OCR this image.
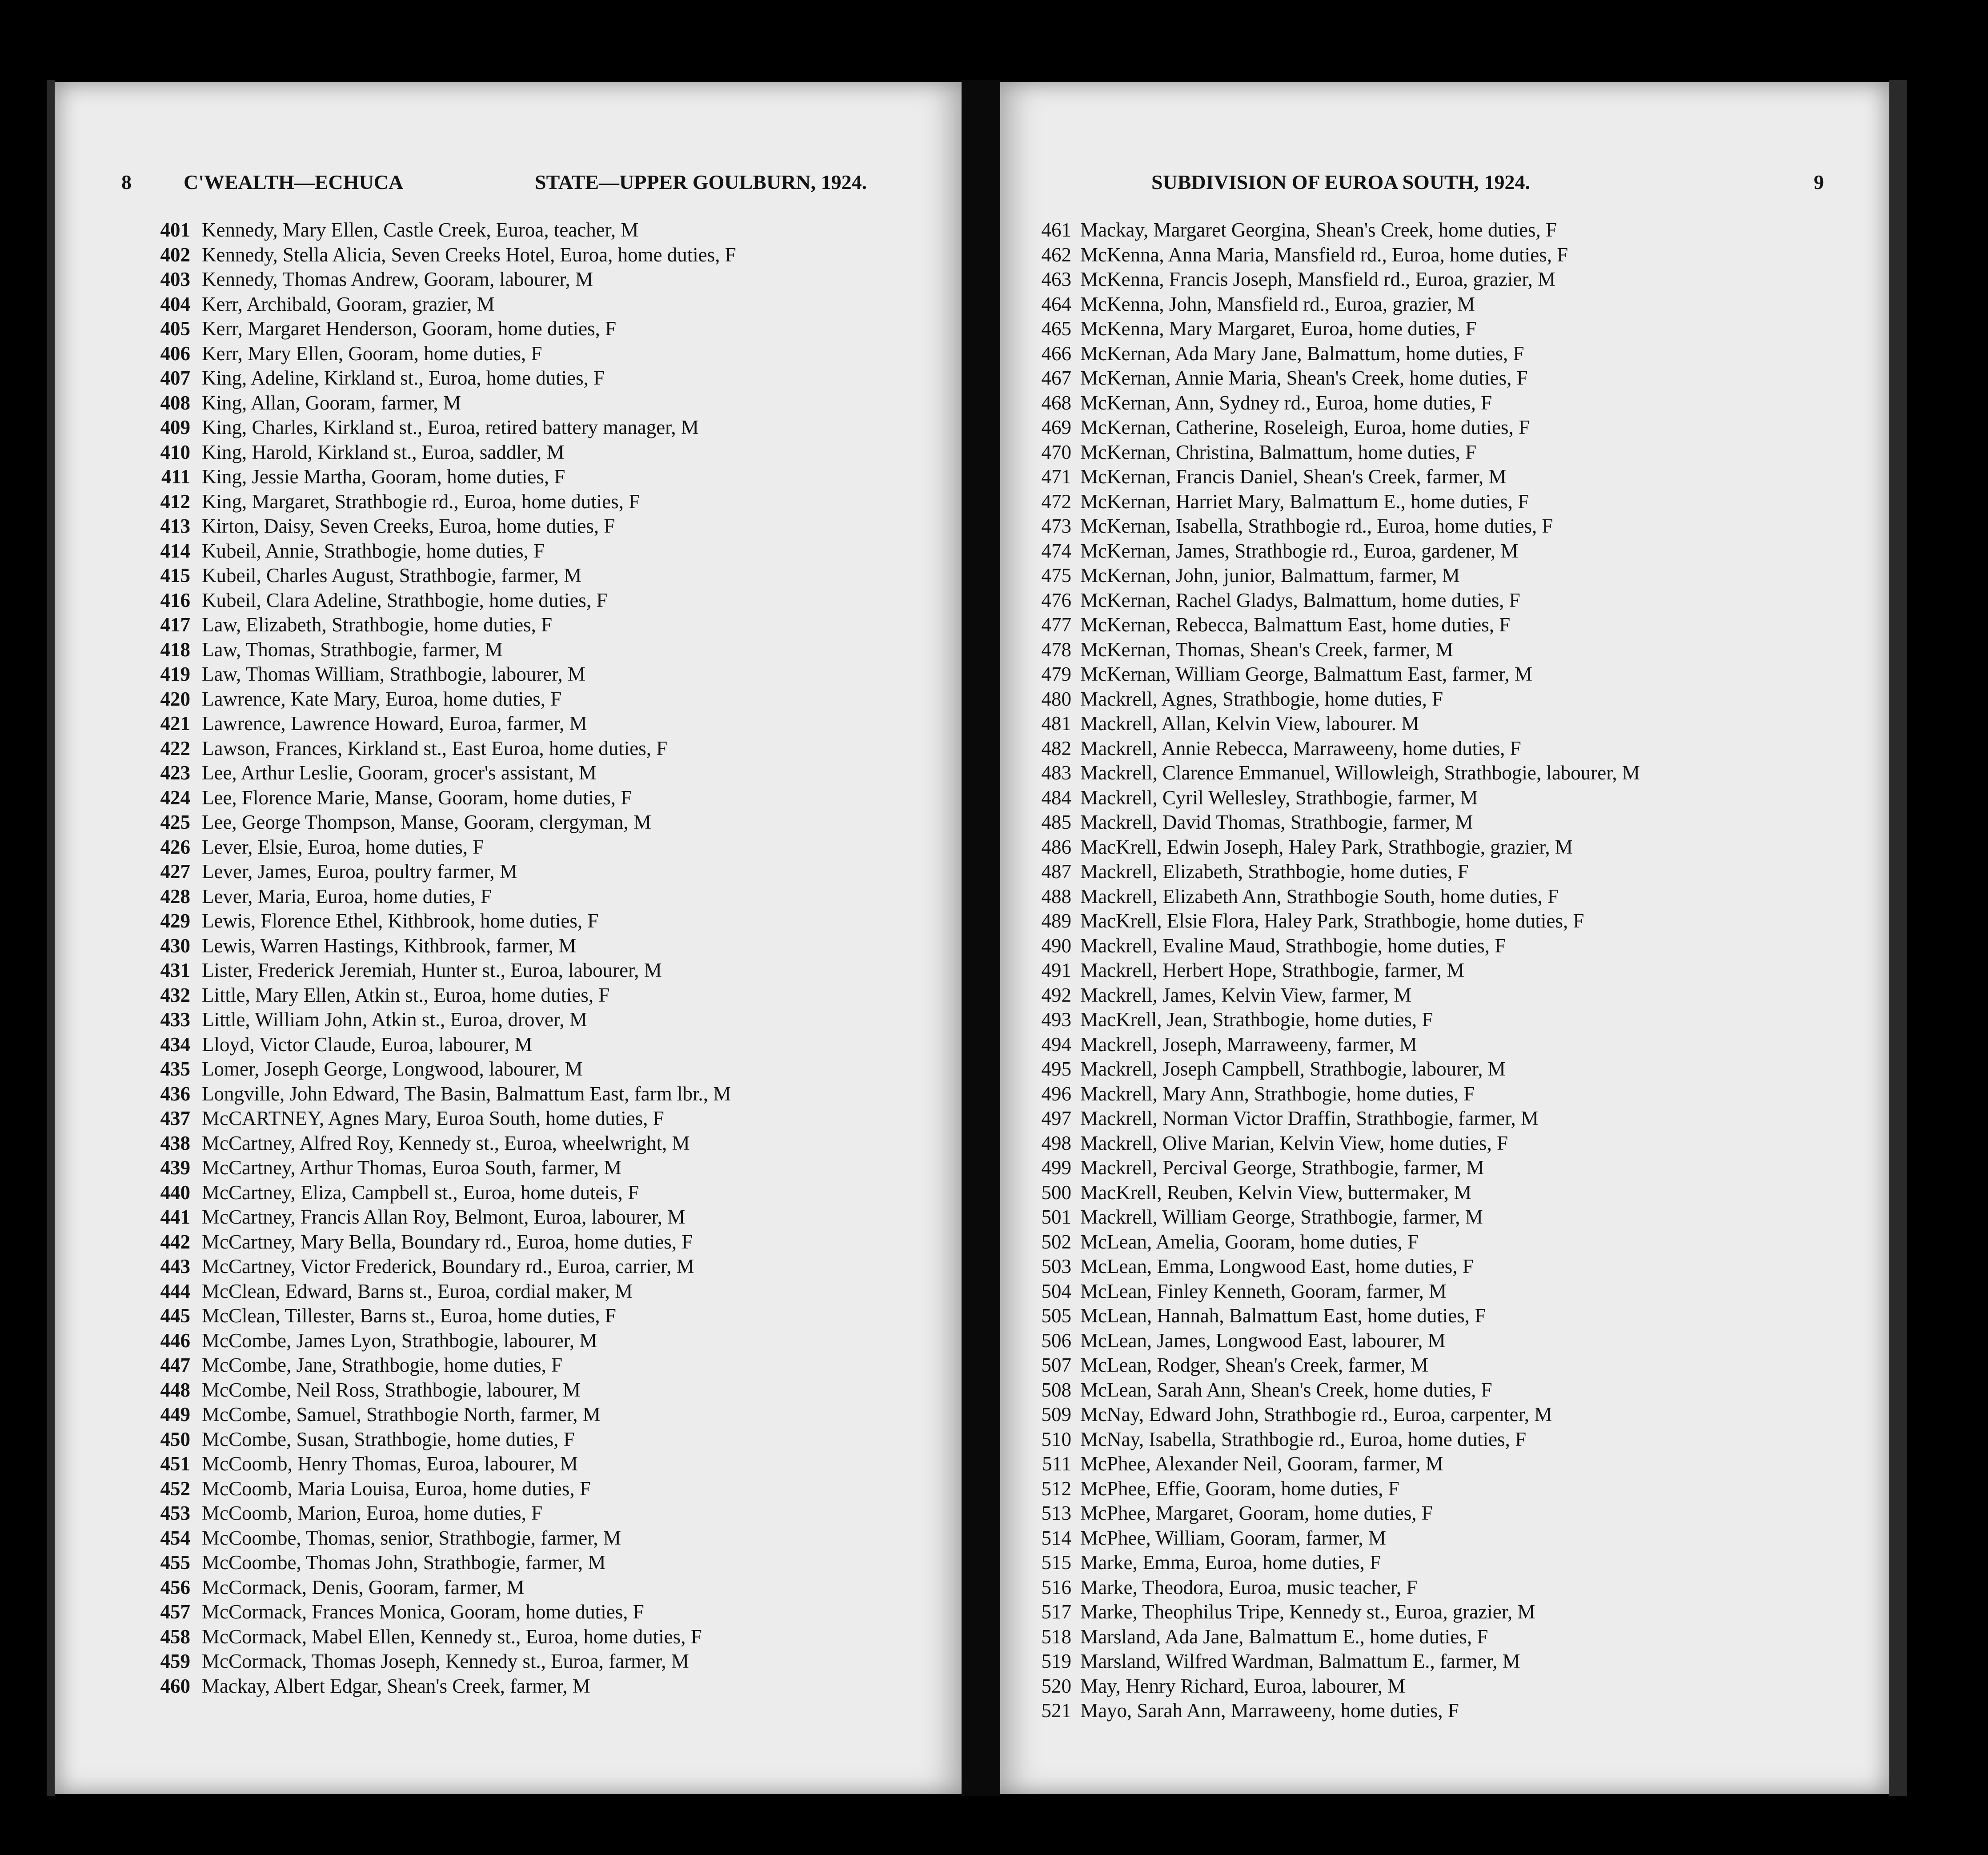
8	C'WEALTH—ECHUCA	STATE—UPPER GOULBURN, 1924.
401 Kennedy, Mary Ellen, Castle Creek, Euroa, teacher, M
402 Kennedy, Stella Alicia, Seven Creeks Hotel, Euroa, home duties, F
403 Kennedy, Thomas Andrew, Gooram, labourer, M
404 Kerr, Archibald, Gooram, grazier, M
405 Kerr, Margaret Henderson, Gooram, home duties, F
406 Kerr, Mary Ellen, Gooram, home duties, F
407 King, Adeline, Kirkland st., Euroa, home duties, F
408 King, Allan, Gooram, farmer, M
409 King, Charles, Kirkland st., Euroa, retired battery manager, M
410 King, Harold, Kirkland st., Euroa, saddler, M
411 King, Jessie Martha, Gooram, home duties, F
412 King, Margaret, Strathbogie rd., Euroa, home duties, F
413 Kirton, Daisy, Seven Creeks, Euroa, home duties, F
414 Kubeil, Annie, Strathbogie, home duties, F
415 Kubeil, Charles August, Strathbogie, farmer, M
416 Kubeil, Clara Adeline, Strathbogie, home duties, F
417 Law, Elizabeth, Strathbogie, home duties, F
418 Law, Thomas, Strathbogie, farmer, M
419 Law, Thomas William, Strathbogie, labourer, M
420 Lawrence, Kate Mary, Euroa, home duties, F
421 Lawrence, Lawrence Howard, Euroa, farmer, M
422 Lawson, Frances, Kirkland st., East Euroa, home duties, F
423 Lee, Arthur Leslie, Gooram, grocer's assistant, M
424 Lee, Florence Marie, Manse, Gooram, home duties, F
425 Lee, George Thompson, Manse, Gooram, clergyman, M
426 Lever, Elsie, Euroa, home duties, F
427 Lever, James, Euroa, poultry farmer, M
428 Lever, Maria, Euroa, home duties, F
429 Lewis, Florence Ethel, Kithbrook, home duties, F
430 Lewis, Warren Hastings, Kithbrook, farmer, M
431 Lister, Frederick Jeremiah, Hunter st., Euroa, labourer, M
432 Little, Mary Ellen, Atkin st., Euroa, home duties, F
433 Little, William John, Atkin st., Euroa, drover, M
434 Lloyd, Victor Claude, Euroa, labourer, M
435 Lomer, Joseph George, Longwood, labourer, M
436 Longville, John Edward, The Basin, Balmattum East, farm lbr., M
437 McCARTNEY, Agnes Mary, Euroa South, home duties, F
438 McCartney, Alfred Roy, Kennedy st., Euroa, wheelwright, M
439 McCartney, Arthur Thomas, Euroa South, farmer, M
440 McCartney, Eliza, Campbell st., Euroa, home duteis, F
441 McCartney, Francis Allan Roy, Belmont, Euroa, labourer, M
442 McCartney, Mary Bella, Boundary rd., Euroa, home duties, F
443 McCartney, Victor Frederick, Boundary rd., Euroa, carrier, M
444 McClean, Edward, Barns st., Euroa, cordial maker, M
445 McClean, Tillester, Barns st., Euroa, home duties, F
446 McCombe, James Lyon, Strathbogie, labourer, M
447 McCombe, Jane, Strathbogie, home duties, F
448 McCombe, Neil Ross, Strathbogie, labourer, M
449 McCombe, Samuel, Strathbogie North, farmer, M
450 McCombe, Susan, Strathbogie, home duties, F
451 McCoomb, Henry Thomas, Euroa, labourer, M
452 McCoomb, Maria Louisa, Euroa, home duties, F
453 McCoomb, Marion, Euroa, home duties, F
454 McCoombe, Thomas, senior, Strathbogie, farmer, M
455 McCoombe, Thomas John, Strathbogie, farmer, M
456 McCormack, Denis, Gooram, farmer, M
457 McCormack, Frances Monica, Gooram, home duties, F
458 McCormack, Mabel Ellen, Kennedy st., Euroa, home duties, F
459 McCormack, Thomas Joseph, Kennedy st., Euroa, farmer, M
460 Mackay, Albert Edgar, Shean's Creek, farmer, M
SUBDIVISION OF EUROA SOUTH, 1924.	9
461 Mackay, Margaret Georgina, Shean's Creek, home duties, F
462 McKenna, Anna Maria, Mansfield rd., Euroa, home duties, F
463 McKenna, Francis Joseph, Mansfield rd., Euroa, grazier, M
464 McKenna, John, Mansfield rd., Euroa, grazier, M
465 McKenna, Mary Margaret, Euroa, home duties, F
466 McKernan, Ada Mary Jane, Balmattum, home duties, F
467 McKernan, Annie Maria, Shean's Creek, home duties, F
468 McKernan, Ann, Sydney rd., Euroa, home duties, F
469 McKernan, Catherine, Roseleigh, Euroa, home duties, F
470 McKernan, Christina, Balmattum, home duties, F
471 McKernan, Francis Daniel, Shean's Creek, farmer, M
472 McKernan, Harriet Mary, Balmattum E., home duties, F
473 McKernan, Isabella, Strathbogie rd., Euroa, home duties, F
474 McKernan, James, Strathbogie rd., Euroa, gardener, M
475 McKernan, John, junior, Balmattum, farmer, M
476 McKernan, Rachel Gladys, Balmattum, home duties, F
477 McKernan, Rebecca, Balmattum East, home duties, F
478 McKernan, Thomas, Shean's Creek, farmer, M
479 McKernan, William George, Balmattum East, farmer, M
480 Mackrell, Agnes, Strathbogie, home duties, F
481 Mackrell, Allan, Kelvin View, labourer. M
482 Mackrell, Annie Rebecca, Marraweeny, home duties, F
483 Mackrell, Clarence Emmanuel, Willowleigh, Strathbogie, labourer, M
484 Mackrell, Cyril Wellesley, Strathbogie, farmer, M
485 Mackrell, David Thomas, Strathbogie, farmer, M
486 MacKrell, Edwin Joseph, Haley Park, Strathbogie, grazier, M
487 Mackrell, Elizabeth, Strathbogie, home duties, F
488 Mackrell, Elizabeth Ann, Strathbogie South, home duties, F
489 MacKrell, Elsie Flora, Haley Park, Strathbogie, home duties, F
490 Mackrell, Evaline Maud, Strathbogie, home duties, F
491 Mackrell, Herbert Hope, Strathbogie, farmer, M
492 Mackrell, James, Kelvin View, farmer, M
493 MacKrell, Jean, Strathbogie, home duties, F
494 Mackrell, Joseph, Marraweeny, farmer, M
495 Mackrell, Joseph Campbell, Strathbogie, labourer, M
496 Mackrell, Mary Ann, Strathbogie, home duties, F
497 Mackrell, Norman Victor Draffin, Strathbogie, farmer, M
498 Mackrell, Olive Marian, Kelvin View, home duties, F
499 Mackrell, Percival George, Strathbogie, farmer, M
500 MacKrell, Reuben, Kelvin View, buttermaker, M
501 Mackrell, William George, Strathbogie, farmer, M
502 McLean, Amelia, Gooram, home duties, F
503 McLean, Emma, Longwood East, home duties, F
504 McLean, Finley Kenneth, Gooram, farmer, M
505 McLean, Hannah, Balmattum East, home duties, F
506 McLean, James, Longwood East, labourer, M
507 McLean, Rodger, Shean's Creek, farmer, M
508 McLean, Sarah Ann, Shean's Creek, home duties, F
509 McNay, Edward John, Strathbogie rd., Euroa, carpenter, M
510 McNay, Isabella, Strathbogie rd., Euroa, home duties, F
511 McPhee, Alexander Neil, Gooram, farmer, M
512 McPhee, Effie, Gooram, home duties, F
513 McPhee, Margaret, Gooram, home duties, F
514 McPhee, William, Gooram, farmer, M
515 Marke, Emma, Euroa, home duties, F
516 Marke, Theodora, Euroa, music teacher, F
517 Marke, Theophilus Tripe, Kennedy st., Euroa, grazier, M
518 Marsland, Ada Jane, Balmattum E., home duties, F
519 Marsland, Wilfred Wardman, Balmattum E., farmer, M
520 May, Henry Richard, Euroa, labourer, M
521 Mayo, Sarah Ann, Marraweeny, home duties, F
